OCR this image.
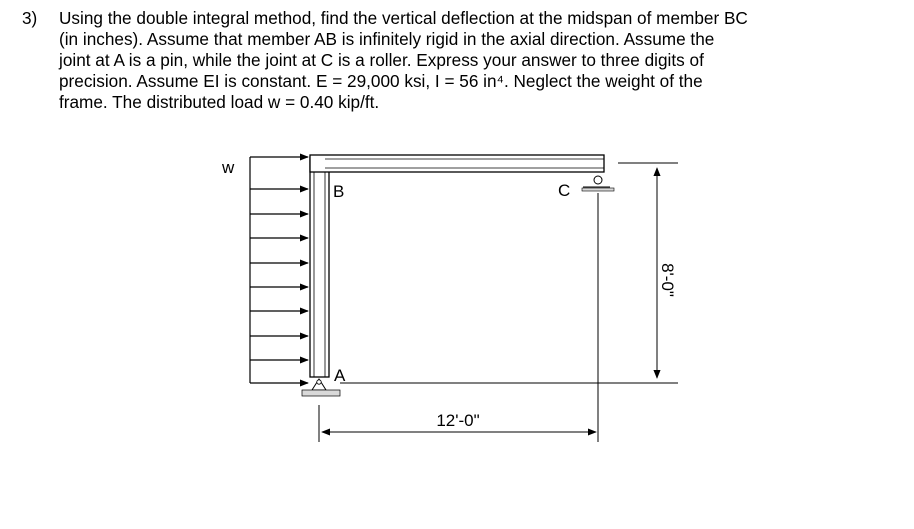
3) Using the double integral method, find the vertical deflection at the midspan of member BC
(in inches). Assume that member AB is infinitely rigid in the axial direction. Assume the
joint at A is a pin, while the joint at C is a roller. Express your answer to three digits of
precision. Assume EI is constant. E = 29,000 ksi, I = 56 in⁴. Neglect the weight of the
frame. The distributed load w = 0.40 kip/ft.
w
B	C
A
8'-0"
12'-0"
